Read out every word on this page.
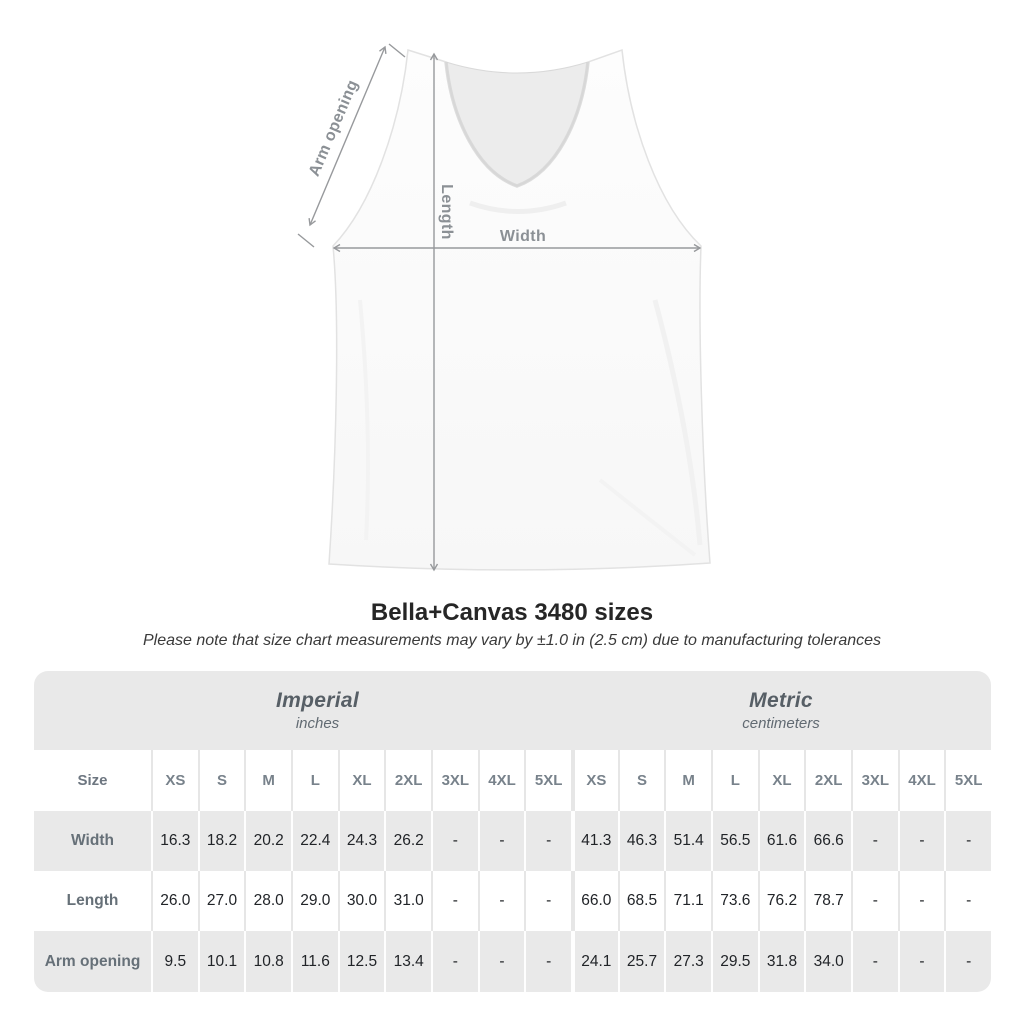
Arm opening
Length	Width
Bella+Canvas 3480 sizes
Please note that size chart measurements may vary by ±1.0 in (2.5 cm) due to manufacturing tolerances
Imperial
inches
Metric
centimeters
Size	XS	S	M	L	XL	2XL	3XL	4XL	5XL	XS	S	M	L	XL	2XL	3XL	4XL	5XL
Width	16.3	18.2	20.2	22.4	24.3	26.2	-	-	-	41.3	46.3	51.4	56.5	61.6	66.6	-	-	-
Length	26.0	27.0	28.0	29.0	30.0	31.0	-	-	-	66.0	68.5	71.1	73.6	76.2	78.7	-	-	-
Arm opening	9.5	10.1	10.8	11.6	12.5	13.4	-	-	-	24.1	25.7	27.3	29.5	31.8	34.0	-	-	-
